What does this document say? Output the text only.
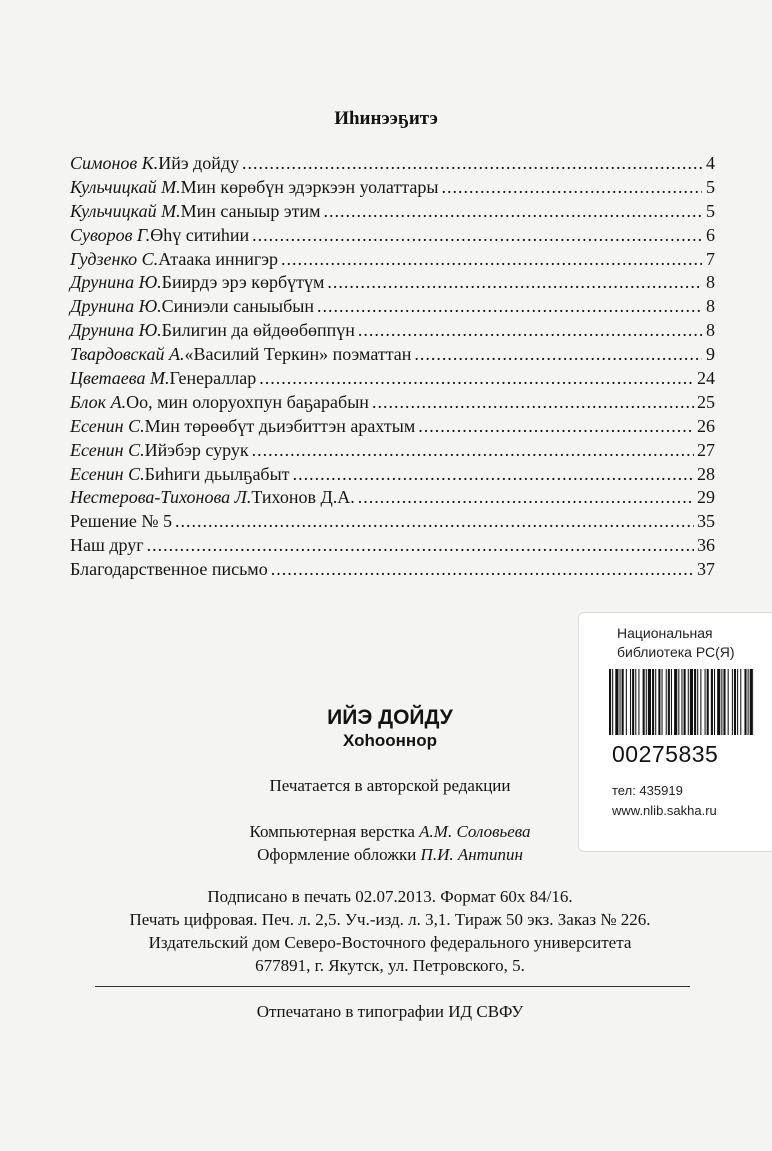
Иһинээҕитэ
Симонов К. Ийэ дойду .....	4
Кульчицкай М. Мин көрөбүн эдэркээн уолаттары .....	5
Кульчицкай М. Мин саныыр этим .....	5
Суворов Г. Өһү ситиһии .....	6
Гудзенко С. Атаака иннигэр .....	7
Друнина Ю. Биирдэ эрэ көрбүтүм .....	8
Друнина Ю. Синиэли саныыбын .....	8
Друнина Ю. Билигин да өйдөөбөппүн .....	8
Твардовскай А. «Василий Теркин» поэматтан .....	9
Цветаева М. Генераллар .....	24
Блок А. Оо, мин олоруохпун баҕарабын .....	25
Есенин С. Мин төрөөбүт дьиэбиттэн арахтым .....	26
Есенин С. Ийэбэр сурук .....	27
Есенин С. Биһиги дьылҕабыт .....	28
Нестерова-Тихонова Л. Тихонов Д.А. .....	29
Решение № 5 .....	35
Наш друг .....	36
Благодарственное письмо .....	37
ИЙЭ ДОЙДУ
Хоһооннор
Печатается в авторской редакции
Компьютерная верстка А.М. Соловьева
Оформление обложки П.И. Антипин
Подписано в печать 02.07.2013. Формат 60х 84/16.
Печать цифровая. Печ. л. 2,5. Уч.-изд. л. 3,1. Тираж 50 экз. Заказ № 226.
Издательский дом Северо-Восточного федерального университета
677891, г. Якутск, ул. Петровского, 5.
Отпечатано в типографии ИД СВФУ
Национальная
библиотека РС(Я)
00275835
тел: 435919
www.nlib.sakha.ru
